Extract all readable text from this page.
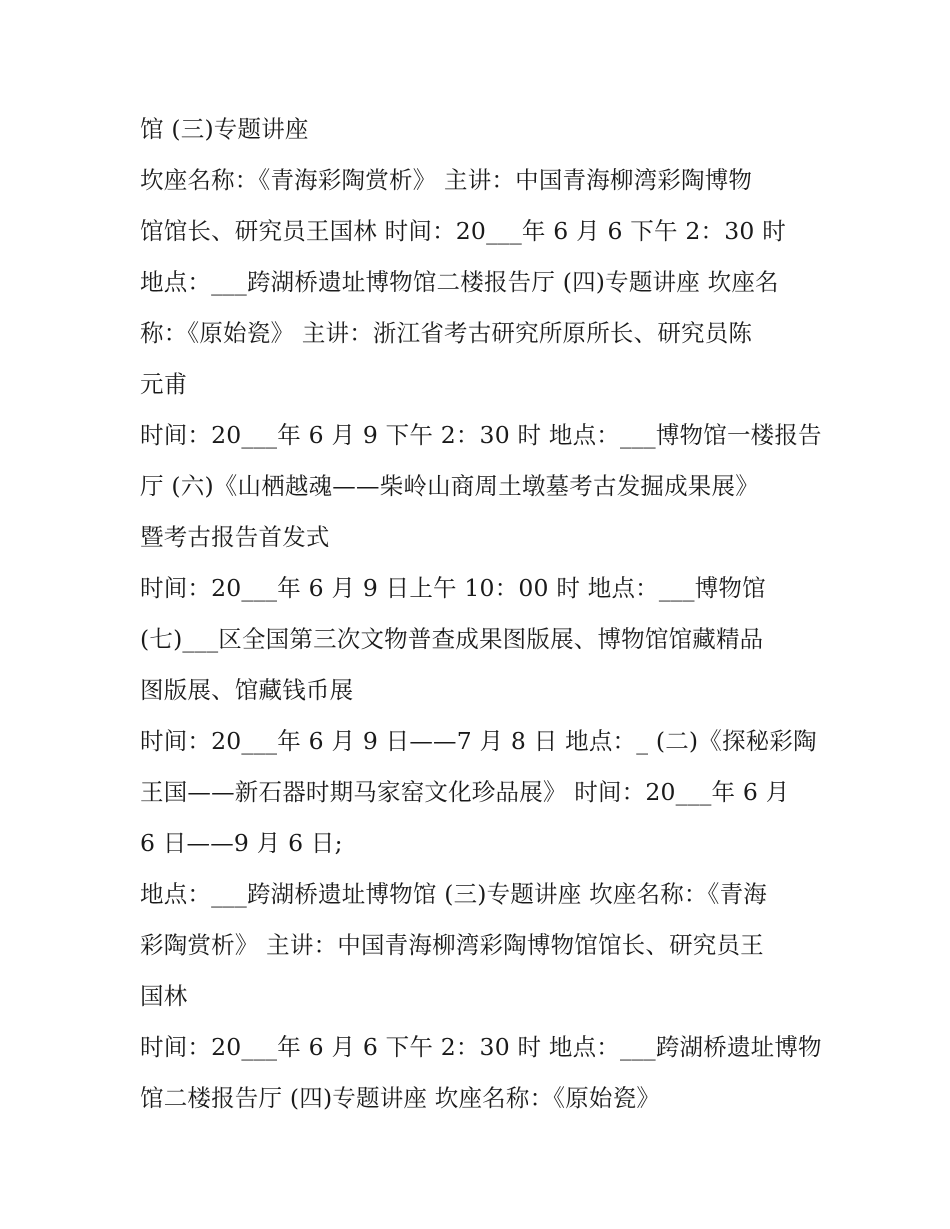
馆 (三)专题讲座
坎座名称：《青海彩陶赏析》 主讲：中国青海柳湾彩陶博物
馆馆长、研究员王国林 时间：20___年 6 月 6 下午 2：30 时
地点：___跨湖桥遗址博物馆二楼报告厅 (四)专题讲座 坎座名
称：《原始瓷》 主讲：浙江省考古研究所原所长、研究员陈
元甫
时间：20___年 6 月 9 下午 2：30 时 地点：___博物馆一楼报告
厅 (六)《山栖越魂——柴岭山商周土墩墓考古发掘成果展》
暨考古报告首发式
时间：20___年 6 月 9 日上午 10：00 时 地点：___博物馆
(七)___区全国第三次文物普查成果图版展、博物馆馆藏精品
图版展、馆藏钱币展
时间：20___年 6 月 9 日——7 月 8 日 地点：_ (二)《探秘彩陶
王国——新石器时期马家窑文化珍品展》 时间：20___年 6 月
6 日——9 月 6 日;
地点：___跨湖桥遗址博物馆 (三)专题讲座 坎座名称：《青海
彩陶赏析》 主讲：中国青海柳湾彩陶博物馆馆长、研究员王
国林
时间：20___年 6 月 6 下午 2：30 时 地点：___跨湖桥遗址博物
馆二楼报告厅 (四)专题讲座 坎座名称：《原始瓷》
